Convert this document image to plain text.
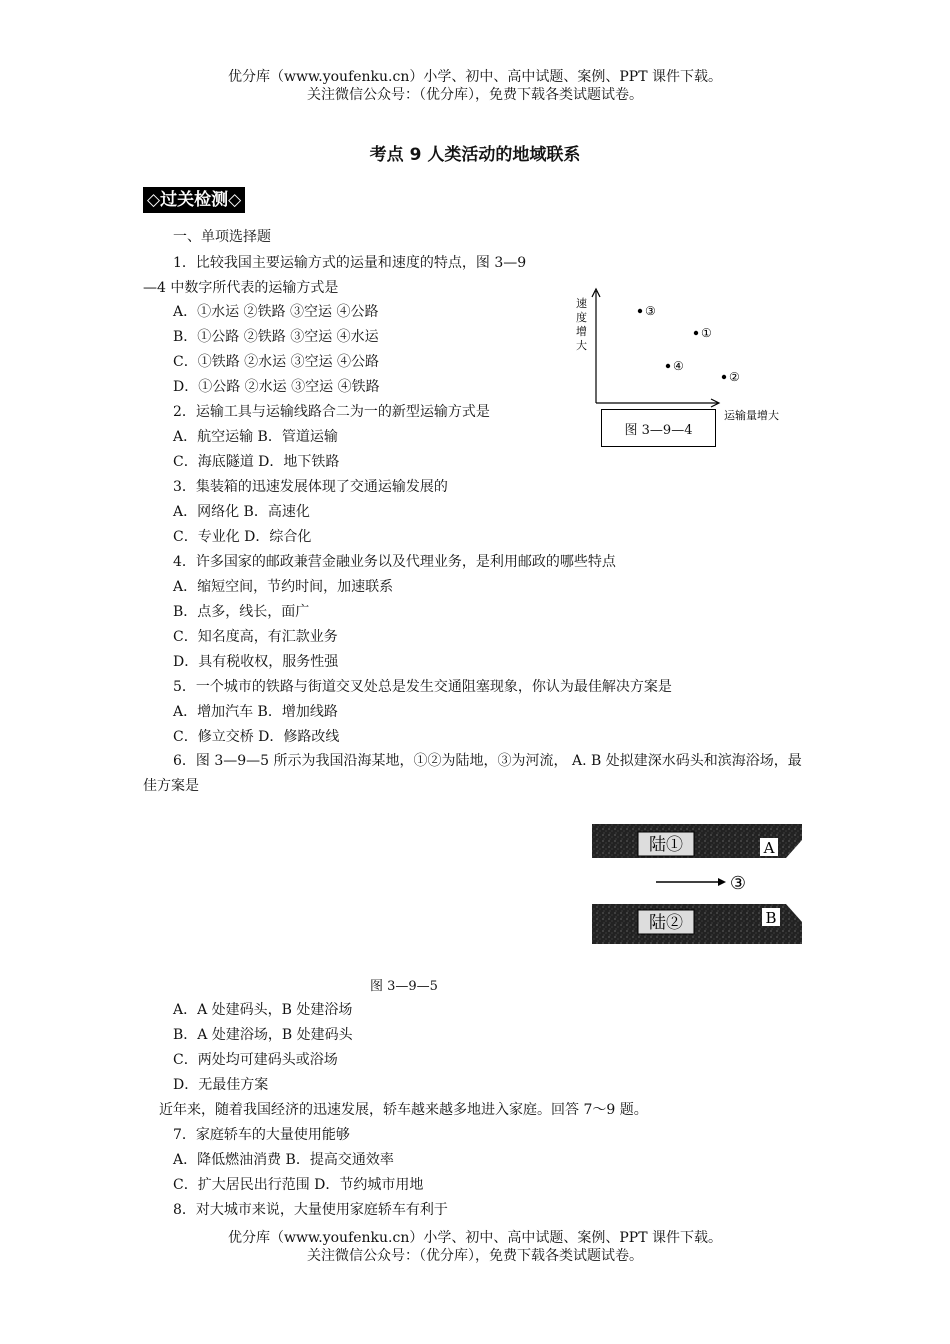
优分库（www.youfenku.cn）小学、初中、高中试题、案例、PPT 课件下载。
关注微信公众号：（优分库），免费下载各类试题试卷。
考点 9 人类活动的地域联系
◇过关检测◇
一、单项选择题
1．比较我国主要运输方式的运量和速度的特点，图 3—9
—4 中数字所代表的运输方式是
A．①水运 ②铁路 ③空运 ④公路
B．①公路 ②铁路 ③空运 ④水运
C．①铁路 ②水运 ③空运 ④公路
D．①公路 ②水运 ③空运 ④铁路
2．运输工具与运输线路合二为一的新型运输方式是
A．航空运输 B．管道运输
C．海底隧道 D．地下铁路
3．集装箱的迅速发展体现了交通运输发展的
A．网络化 B．高速化
C．专业化 D．综合化
4．许多国家的邮政兼营金融业务以及代理业务，是利用邮政的哪些特点
A．缩短空间，节约时间，加速联系
B．点多，线长，面广
C．知名度高，有汇款业务
D．具有税收权，服务性强
5．一个城市的铁路与街道交叉处总是发生交通阻塞现象，你认为最佳解决方案是
A．增加汽车 B．增加线路
C．修立交桥 D．修路改线
6．图 3—9—5 所示为我国沿海某地，①②为陆地，③为河流， A. B 处拟建深水码头和滨海浴场，最
佳方案是
A．A 处建码头，B 处建浴场
B．A 处建浴场，B 处建码头
C．两处均可建码头或浴场
D．无最佳方案
近年来，随着我国经济的迅速发展，轿车越来越多地进入家庭。回答 7～9 题。
7．家庭轿车的大量使用能够
A．降低燃油消费 B．提高交通效率
C．扩大居民出行范围 D．节约城市用地
8．对大城市来说，大量使用家庭轿车有利于
速
度
增
大
运输量增大
③
①
④
②
图 3—9—4
陆①
陆②
A
B
③
图 3—9—5
优分库（www.youfenku.cn）小学、初中、高中试题、案例、PPT 课件下载。
关注微信公众号：（优分库），免费下载各类试题试卷。
